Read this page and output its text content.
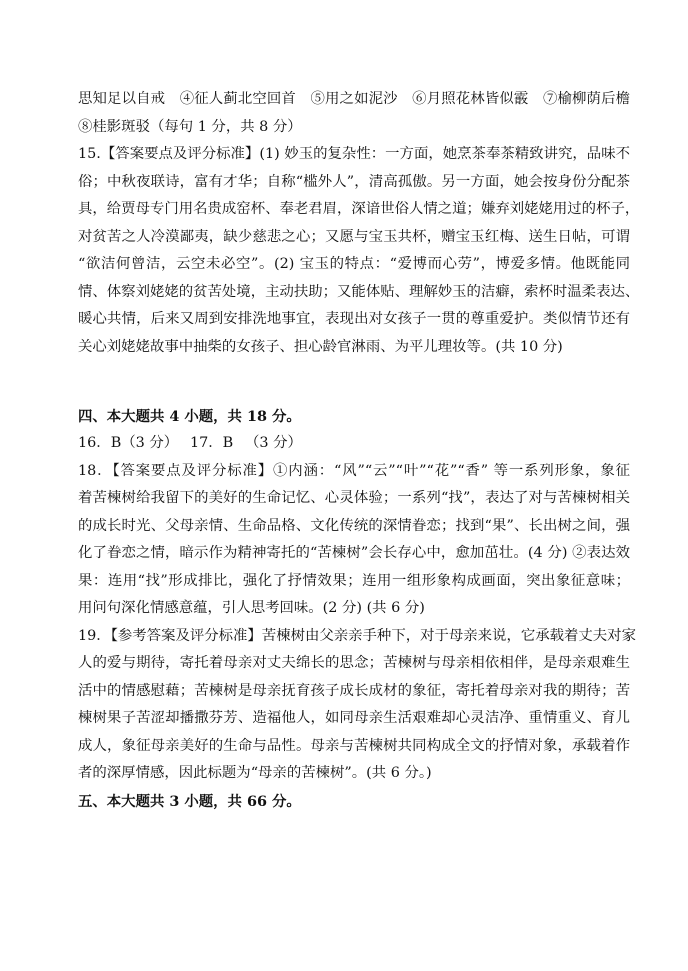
思知足以自戒　④征人蓟北空回首　⑤用之如泥沙　⑥月照花林皆似霰　⑦榆柳荫后檐

⑧桂影斑驳（每句 1 分，共 8 分）

15.【答案要点及评分标准】(1) 妙玉的复杂性：一方面，她烹茶奉茶精致讲究，品味不

俗；中秋夜联诗，富有才华；自称“槛外人”，清高孤傲。另一方面，她会按身份分配茶

具，给贾母专门用名贵成窑杯、奉老君眉，深谙世俗人情之道；嫌弃刘姥姥用过的杯子，

对贫苦之人冷漠鄙夷，缺少慈悲之心；又愿与宝玉共杯，赠宝玉红梅、送生日帖，可谓

“欲洁何曾洁，云空未必空”。(2) 宝玉的特点：“爱博而心劳”，博爱多情。他既能同

情、体察刘姥姥的贫苦处境，主动扶助；又能体贴、理解妙玉的洁癖，索杯时温柔表达、

暖心共情，后来又周到安排洗地事宜，表现出对女孩子一贯的尊重爱护。类似情节还有

关心刘姥姥故事中抽柴的女孩子、担心龄官淋雨、为平儿理妆等。(共 10 分)

四、本大题共 4 小题，共 18 分。

16．B（3 分）　 17．B 　（3 分）

18．【答案要点及评分标准】①内涵：“风”“云”“叶”“花”“香” 等一系列形象，象征

着苦楝树给我留下的美好的生命记忆、心灵体验；一系列“找”，表达了对与苦楝树相关

的成长时光、父母亲情、生命品格、文化传统的深情眷恋；找到“果”、长出树之间，强

化了眷恋之情，暗示作为精神寄托的“苦楝树”会长存心中，愈加茁壮。(4 分) ②表达效

果：连用“找”形成排比，强化了抒情效果；连用一组形象构成画面，突出象征意味；

用问句深化情感意蕴，引人思考回味。(2 分) (共 6 分)

19．【参考答案及评分标准】苦楝树由父亲亲手种下，对于母亲来说，它承载着丈夫对家

人的爱与期待，寄托着母亲对丈夫绵长的思念；苦楝树与母亲相依相伴，是母亲艰难生

活中的情感慰藉；苦楝树是母亲抚育孩子成长成材的象征，寄托着母亲对我的期待；苦

楝树果子苦涩却播撒芬芳、造福他人，如同母亲生活艰难却心灵洁净、重情重义、育儿

成人，象征母亲美好的生命与品性。母亲与苦楝树共同构成全文的抒情对象，承载着作

者的深厚情感，因此标题为“母亲的苦楝树”。(共 6 分。)

五、本大题共 3 小题，共 66 分。
